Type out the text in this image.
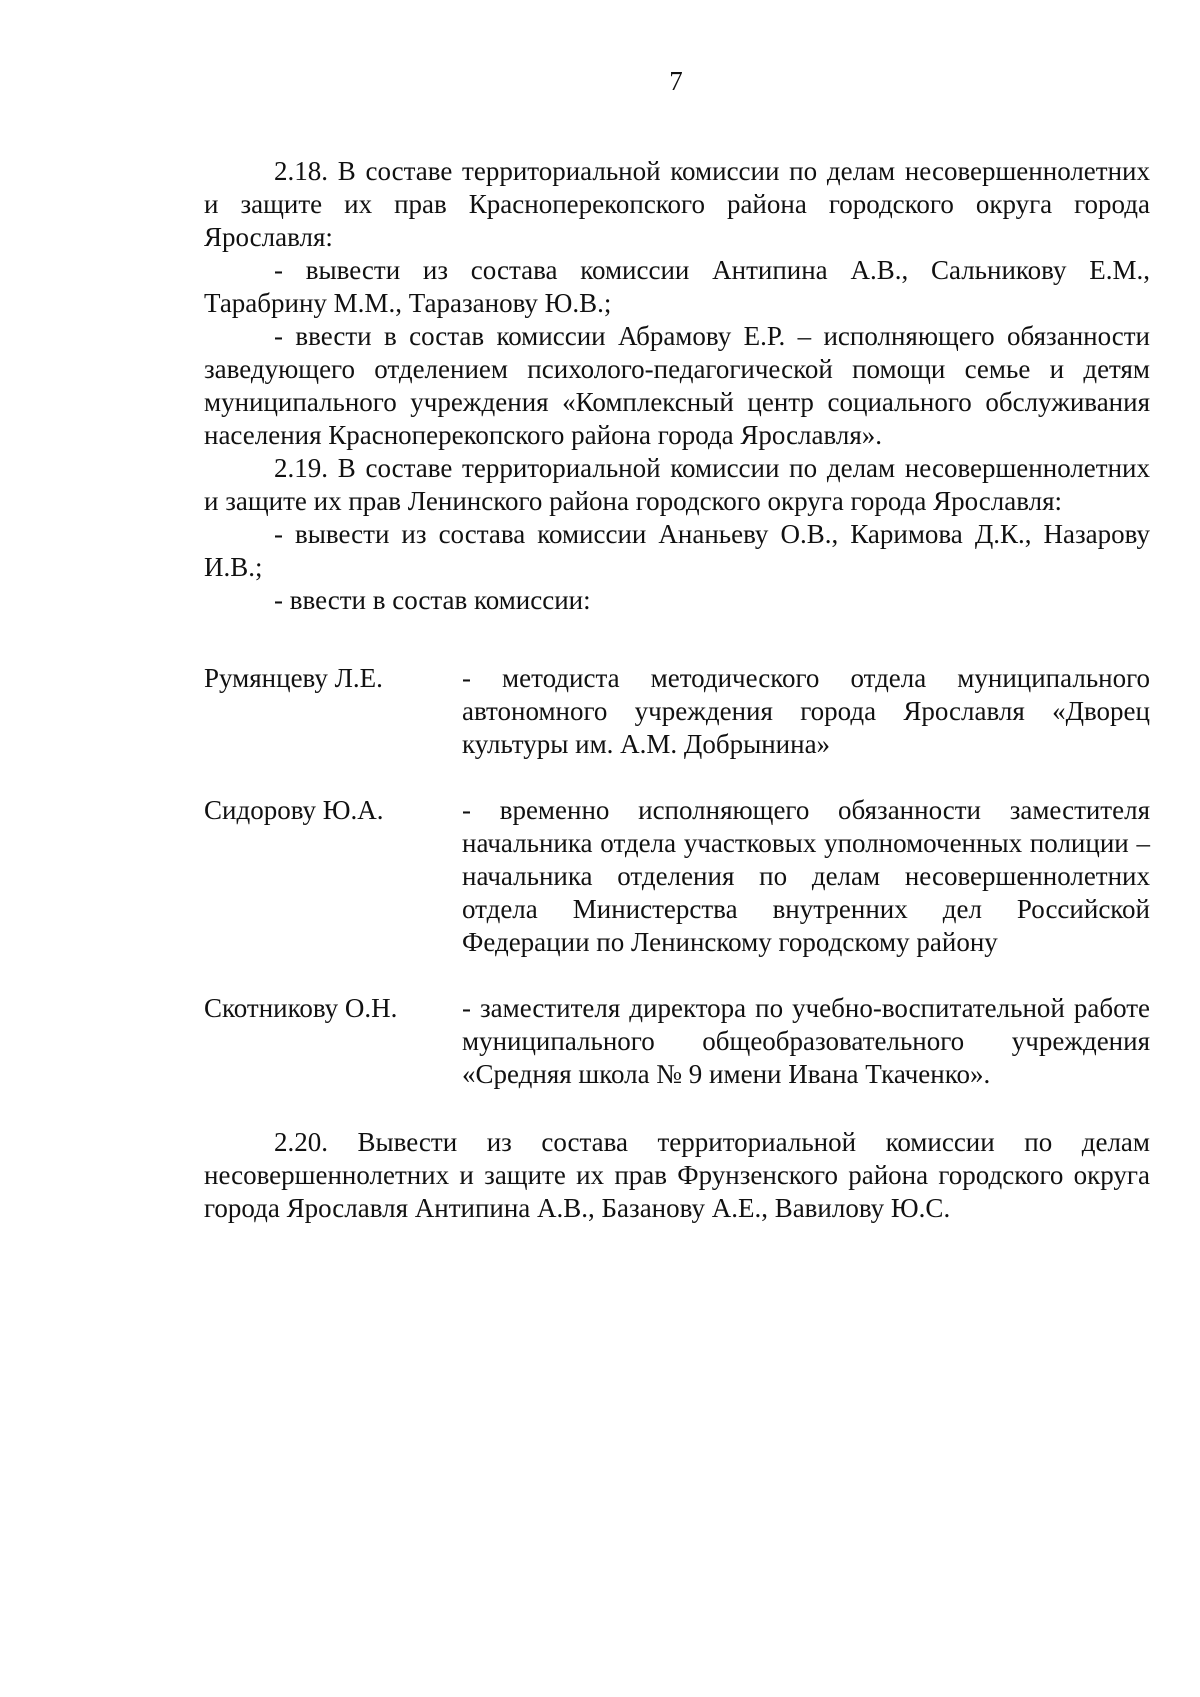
7

2.18. В составе территориальной комиссии по делам несовершеннолетних и защите их прав Красноперекопского района городского округа города Ярославля:

- вывести из состава комиссии Антипина А.В., Сальникову Е.М., Тарабрину М.М., Таразанову Ю.В.;

- ввести в состав комиссии Абрамову Е.Р. – исполняющего обязанности заведующего отделением психолого-педагогической помощи семье и детям муниципального учреждения «Комплексный центр социального обслуживания населения Красноперекопского района города Ярославля».

2.19. В составе территориальной комиссии по делам несовершеннолетних и защите их прав Ленинского района городского округа города Ярославля:

- вывести из состава комиссии Ананьеву О.В., Каримова Д.К., Назарову И.В.;

- ввести в состав комиссии:

Румянцеву Л.Е.	- методиста методического отдела муниципального автономного учреждения города Ярославля «Дворец культуры им. А.М. Добрынина»
Сидорову Ю.А.	- временно исполняющего обязанности заместителя начальника отдела участковых уполномоченных полиции – начальника отделения по делам несовершеннолетних отдела Министерства внутренних дел Российской Федерации по Ленинскому городскому району
Скотникову О.Н.	- заместителя директора по учебно-воспитательной работе муниципального общеобразовательного учреждения «Средняя школа № 9 имени Ивана Ткаченко».

2.20. Вывести из состава территориальной комиссии по делам несовершеннолетних и защите их прав Фрунзенского района городского округа города Ярославля Антипина А.В., Базанову А.Е., Вавилову Ю.С.
